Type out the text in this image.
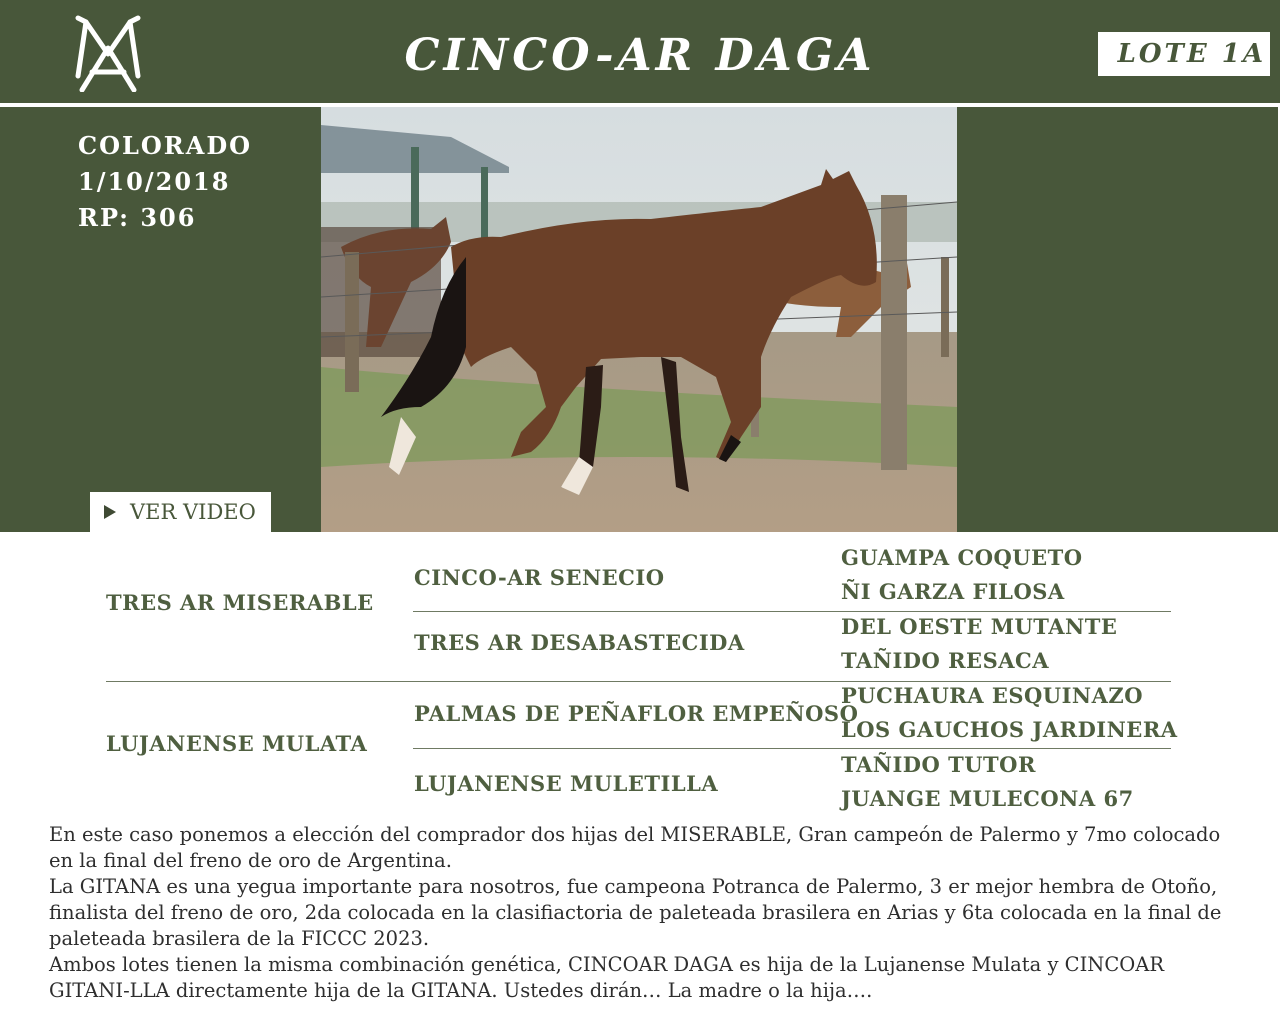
CINCO-AR DAGA	LOTE 1A
COLORADO
1/10/2018
RP: 306
VER VIDEO
TRES AR MISERABLE
LUJANENSE MULATA
CINCO-AR SENECIO
TRES AR DESABASTECIDA
PALMAS DE PEÑAFLOR EMPEÑOSO
LUJANENSE MULETILLA
GUAMPA COQUETO
ÑI GARZA FILOSA
DEL OESTE MUTANTE
TAÑIDO RESACA
PUCHAURA ESQUINAZO
LOS GAUCHOS JARDINERA
TAÑIDO TUTOR
JUANGE MULECONA 67

En este caso ponemos a elección del comprador dos hijas del MISERABLE, Gran campeón de Palermo y 7mo colocado en la final del freno de oro de Argentina.

La GITANA es una yegua importante para nosotros, fue campeona Potranca de Palermo, 3 er mejor hembra de Otoño, finalista del freno de oro, 2da colocada en la clasifiactoria de paleteada brasilera en Arias y 6ta colocada en la final de paleteada brasilera de la FICCC 2023.

Ambos lotes tienen la misma combinación genética, CINCOAR DAGA es hija de la Lujanense Mulata y CINCOAR GITANI-LLA directamente hija de la GITANA. Ustedes dirán… La madre o la hija….
